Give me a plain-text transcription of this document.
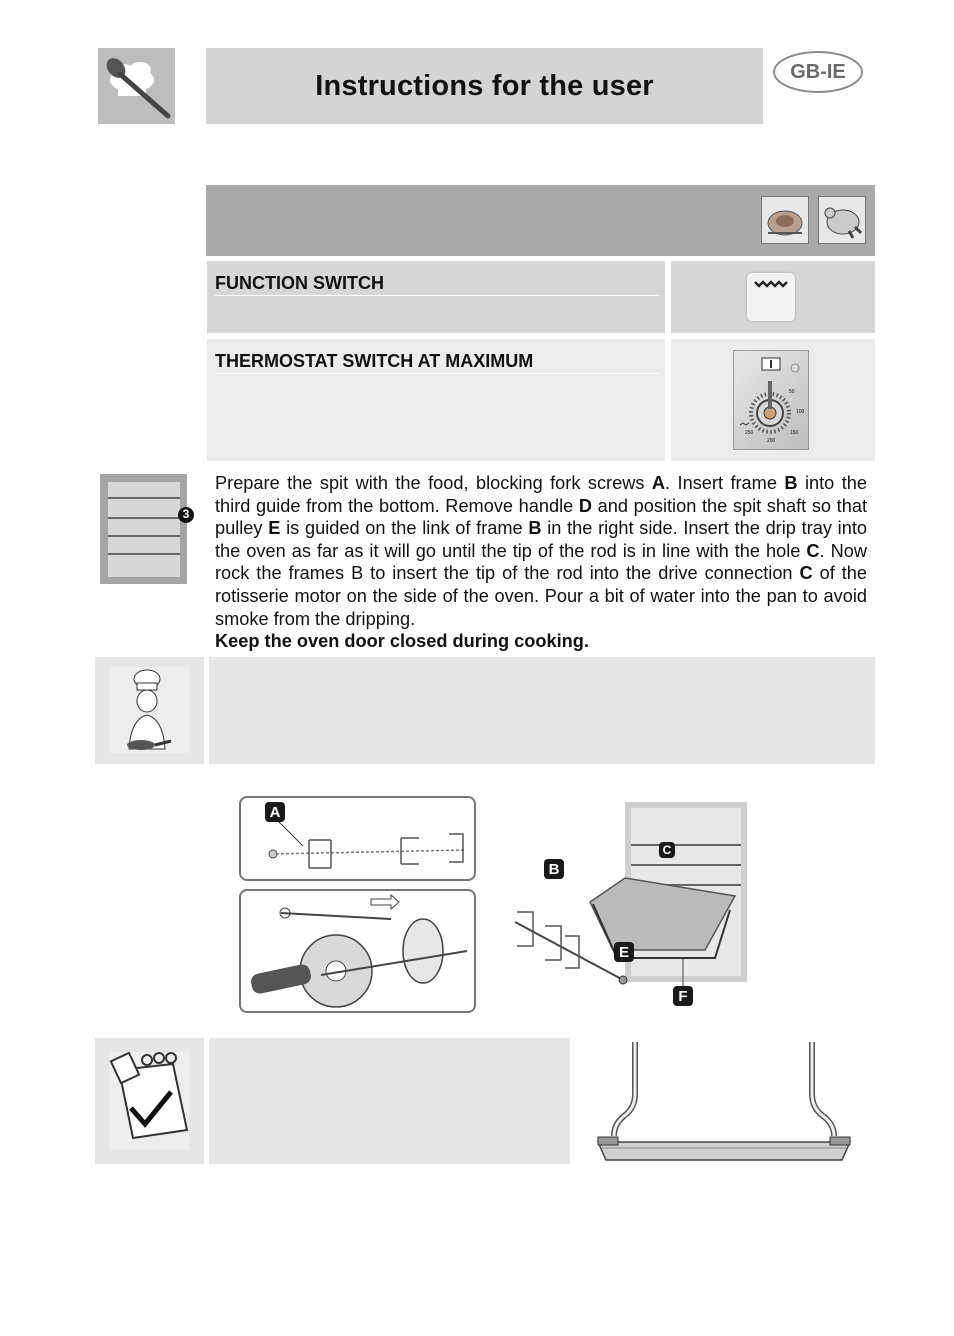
Instructions for the user	GB-IE
FUNCTION SWITCH
THERMOSTAT SWITCH AT MAXIMUM
50
100
150
200
250
3
Prepare the spit with the food, blocking fork screws A. Insert frame B into the third guide from the bottom. Remove handle D and position the spit shaft so that pulley E is guided on the link of frame B in the right side. Insert the drip tray into the oven as far as it will go until the tip of the rod is in line with the hole C. Now rock the frames B to insert the tip of the rod into the drive connection C of the rotisserie motor on the side of the oven. Pour a bit of water into the pan to avoid smoke from the dripping.
Keep the oven door closed during cooking.
A
B
C
E
F
